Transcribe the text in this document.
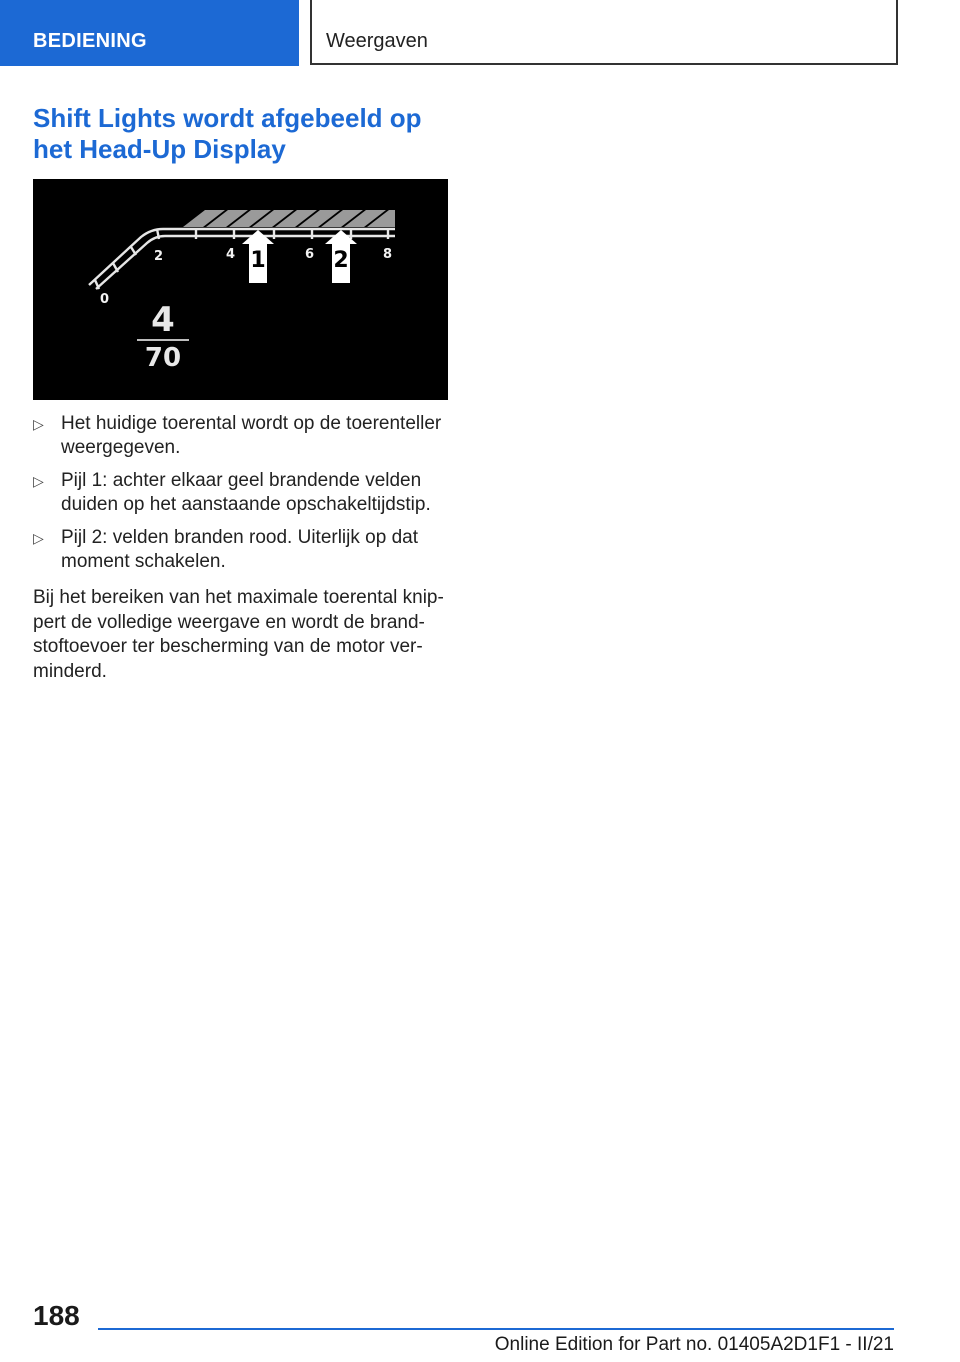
BEDIENING	Weergaven
Shift Lights wordt afgebeeld op het Head-Up Display
0
2	4	6	8
1	2
4
70
▷ Het huidige toerental wordt op de toerenteller weergegeven.
▷ Pijl 1: achter elkaar geel brandende velden duiden op het aanstaande opschakeltijdstip.
▷ Pijl 2: velden branden rood. Uiterlijk op dat moment schakelen.

Bij het bereiken van het maximale toerental knippert de volledige weergave en wordt de brandstoftoevoer ter bescherming van de motor verminderd.

188
Online Edition for Part no. 01405A2D1F1 - II/21
